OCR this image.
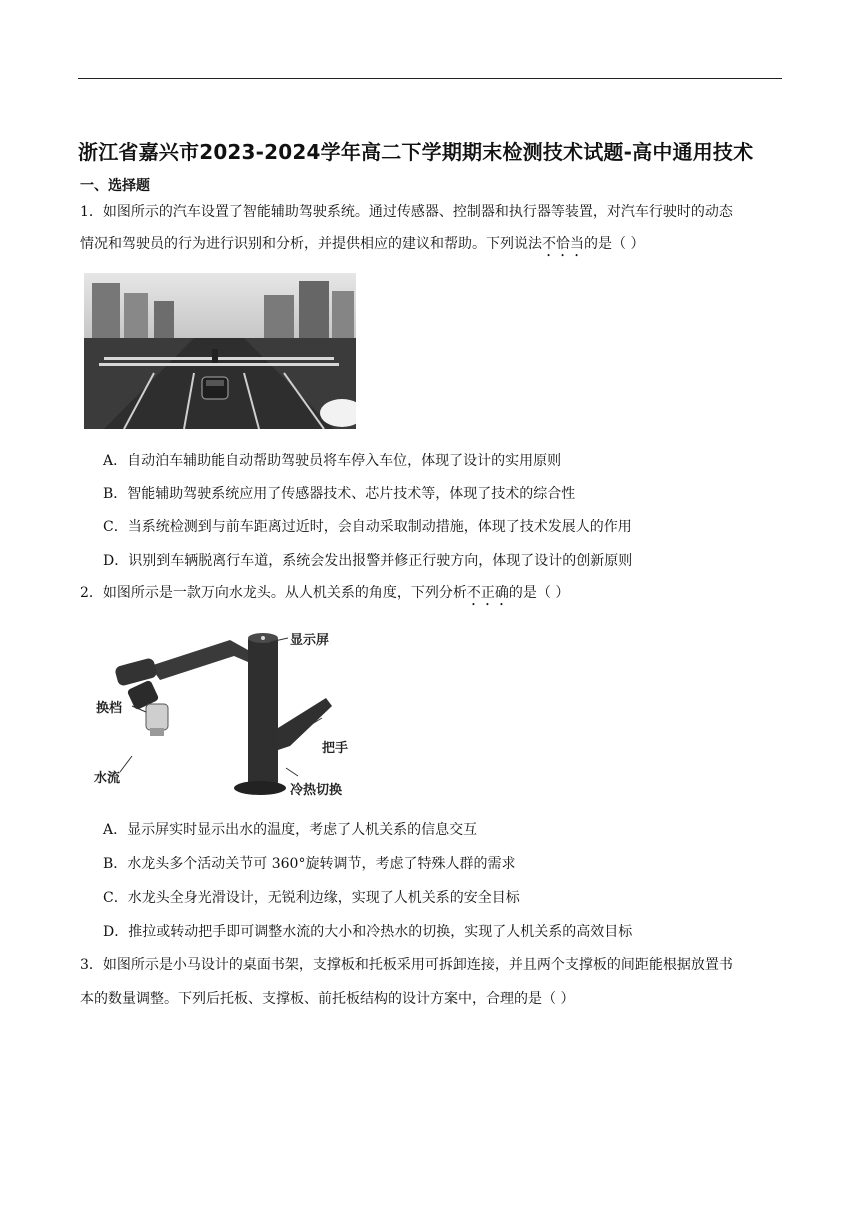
浙江省嘉兴市2023-2024学年高二下学期期末检测技术试题-高中通用技术
一、选择题
1．如图所示的汽车设置了智能辅助驾驶系统。通过传感器、控制器和执行器等装置，对汽车行驶时的动态
情况和驾驶员的行为进行识别和分析，并提供相应的建议和帮助。下列说法不恰当的是（ ）
A．自动泊车辅助能自动帮助驾驶员将车停入车位，体现了设计的实用原则
B．智能辅助驾驶系统应用了传感器技术、芯片技术等，体现了技术的综合性
C．当系统检测到与前车距离过近时，会自动采取制动措施，体现了技术发展人的作用
D．识别到车辆脱离行车道，系统会发出报警并修正行驶方向，体现了设计的创新原则
2．如图所示是一款万向水龙头。从人机关系的角度，下列分析不正确的是（ ）
显示屏
换档
把手
水流
冷热切换
A．显示屏实时显示出水的温度，考虑了人机关系的信息交互
B．水龙头多个活动关节可 360°旋转调节，考虑了特殊人群的需求
C．水龙头全身光滑设计，无锐利边缘，实现了人机关系的安全目标
D．推拉或转动把手即可调整水流的大小和冷热水的切换，实现了人机关系的高效目标
3．如图所示是小马设计的桌面书架，支撑板和托板采用可拆卸连接，并且两个支撑板的间距能根据放置书
本的数量调整。下列后托板、支撑板、前托板结构的设计方案中，合理的是（ ）
